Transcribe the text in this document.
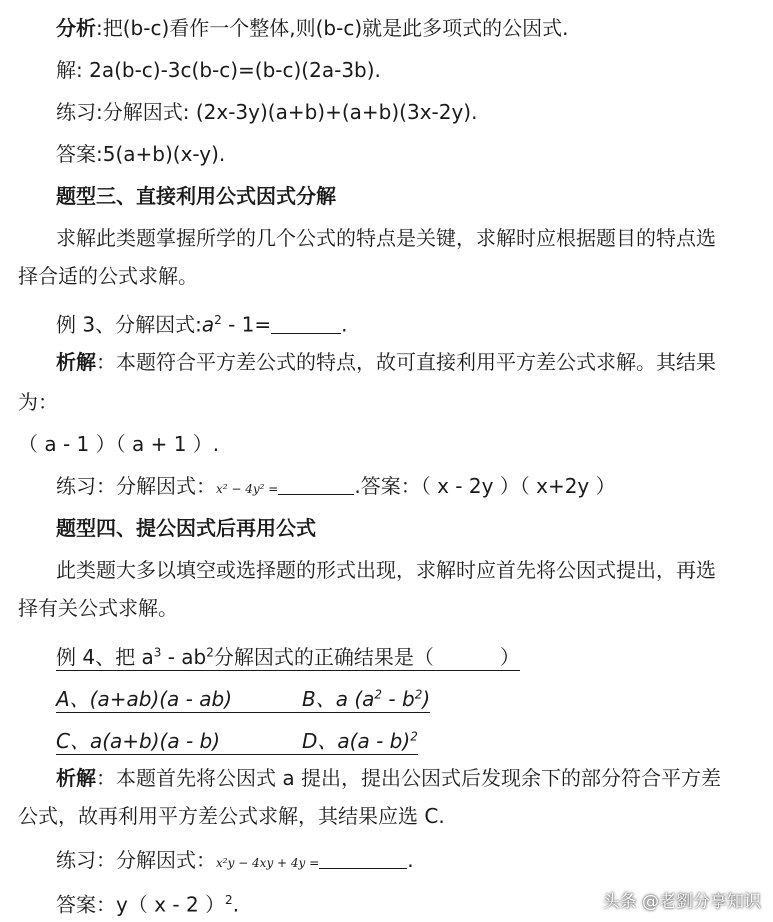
分析:把(b-c)看作一个整体,则(b-c)就是此多项式的公因式.
解: 2a(b-c)-3c(b-c)=(b-c)(2a-3b).
练习:分解因式: (2x-3y)(a+b)+(a+b)(3x-2y).
答案:5(a+b)(x-y).
题型三、直接利用公式因式分解
求解此类题掌握所学的几个公式的特点是关键，求解时应根据题目的特点选
择合适的公式求解。
例 3、分解因式$:a^2 - 1=$	.
析解：本题符合平方差公式的特点，故可直接利用平方差公式求解。其结果
为：
（ a - 1 ）（ a + 1 ）.
练习：分解因式：x² − 4y² =	.答案：（ x - 2y ）（ x+2y ）
题型四、提公因式后再用公式
此类题大多以填空或选择题的形式出现，求解时应首先将公因式提出，再选
择有关公式求解。
例 4、把 $a^3 - ab^2$分解因式的正确结果是（	）
A、(a+ab)(a - ab)	B、a $(a^2 - b^2)$
C、a(a+b)(a - b)	D、a(a - b)$^2$
析解：本题首先将公因式 a 提出，提出公因式后发现余下的部分符合平方差
公式，故再利用平方差公式求解，其结果应选 C.
练习：分解因式：x²y − 4xy + 4y =	.
答案：y（ x - 2 ）$^2$.	头条 @老劉分享知识
